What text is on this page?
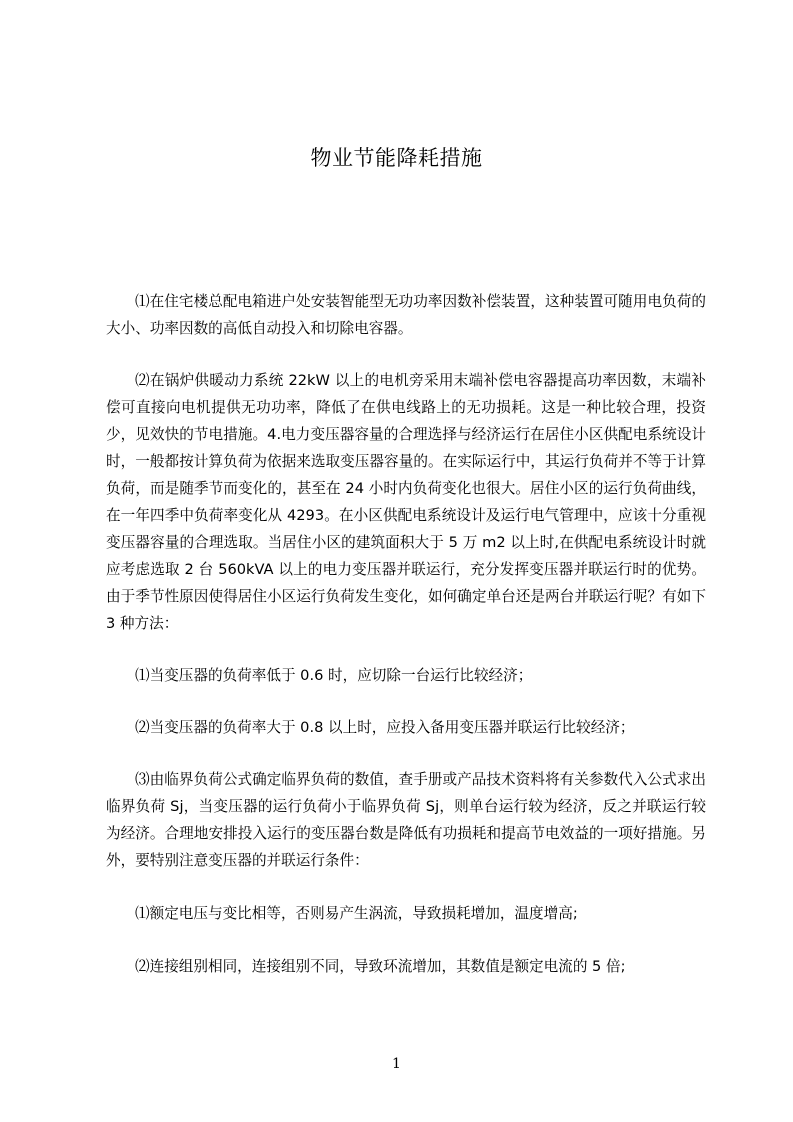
物业节能降耗措施
⑴在住宅楼总配电箱进户处安装智能型无功功率因数补偿装置，这种装置可随用电负荷的大小、功率因数的高低自动投入和切除电容器。
⑵在锅炉供暖动力系统 22kW 以上的电机旁采用末端补偿电容器提高功率因数，末端补偿可直接向电机提供无功功率，降低了在供电线路上的无功损耗。这是一种比较合理，投资少，见效快的节电措施。4.电力变压器容量的合理选择与经济运行在居住小区供配电系统设计时，一般都按计算负荷为依据来选取变压器容量的。在实际运行中，其运行负荷并不等于计算负荷，而是随季节而变化的，甚至在 24 小时内负荷变化也很大。居住小区的运行负荷曲线，在一年四季中负荷率变化从 4293。在小区供配电系统设计及运行电气管理中，应该十分重视变压器容量的合理选取。当居住小区的建筑面积大于 5 万 m2 以上时,在供配电系统设计时就应考虑选取 2 台 560kVA 以上的电力变压器并联运行，充分发挥变压器并联运行时的优势。由于季节性原因使得居住小区运行负荷发生变化，如何确定单台还是两台并联运行呢？有如下 3 种方法：
⑴当变压器的负荷率低于 0.6 时，应切除一台运行比较经济；
⑵当变压器的负荷率大于 0.8 以上时，应投入备用变压器并联运行比较经济；
⑶由临界负荷公式确定临界负荷的数值，查手册或产品技术资料将有关参数代入公式求出临界负荷 Sj，当变压器的运行负荷小于临界负荷 Sj，则单台运行较为经济，反之并联运行较为经济。合理地安排投入运行的变压器台数是降低有功损耗和提高节电效益的一项好措施。另外，要特别注意变压器的并联运行条件：
⑴额定电压与变比相等，否则易产生涡流，导致损耗增加，温度增高;
⑵连接组别相同，连接组别不同，导致环流增加，其数值是额定电流的 5 倍;
1
